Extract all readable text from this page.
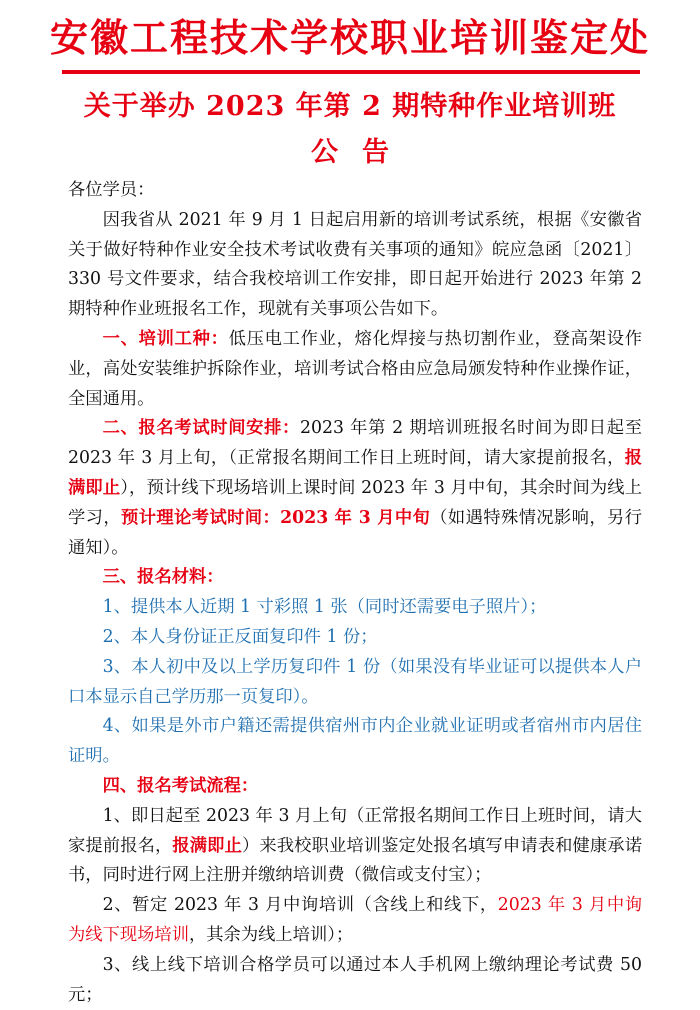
安徽工程技术学校职业培训鉴定处
关于举办 2023 年第 2 期特种作业培训班
公告

各位学员：

因我省从 2021 年 9 月 1 日起启用新的培训考试系统，根据《安徽省关于做好特种作业安全技术考试收费有关事项的通知》皖应急函〔2021〕330 号文件要求，结合我校培训工作安排，即日起开始进行 2023 年第 2 期特种作业班报名工作，现就有关事项公告如下。

一、培训工种：低压电工作业，熔化焊接与热切割作业，登高架设作业，高处安装维护拆除作业，培训考试合格由应急局颁发特种作业操作证，全国通用。

二、报名考试时间安排：2023 年第 2 期培训班报名时间为即日起至 2023 年 3 月上旬，（正常报名期间工作日上班时间，请大家提前报名，报满即止），预计线下现场培训上课时间 2023 年 3 月中旬，其余时间为线上学习，预计理论考试时间：2023 年 3 月中旬（如遇特殊情况影响，另行通知）。

三、报名材料：

1、提供本人近期 1 寸彩照 1 张（同时还需要电子照片）；

2、本人身份证正反面复印件 1 份；

3、本人初中及以上学历复印件 1 份（如果没有毕业证可以提供本人户口本显示自己学历那一页复印）。

4、如果是外市户籍还需提供宿州市内企业就业证明或者宿州市内居住证明。

四、报名考试流程：

1、即日起至 2023 年 3 月上旬（正常报名期间工作日上班时间，请大家提前报名，报满即止）来我校职业培训鉴定处报名填写申请表和健康承诺书，同时进行网上注册并缴纳培训费（微信或支付宝）；

2、暂定 2023 年 3 月中询培训（含线上和线下，2023 年 3 月中询为线下现场培训，其余为线上培训）；

3、线上线下培训合格学员可以通过本人手机网上缴纳理论考试费 50 元；
